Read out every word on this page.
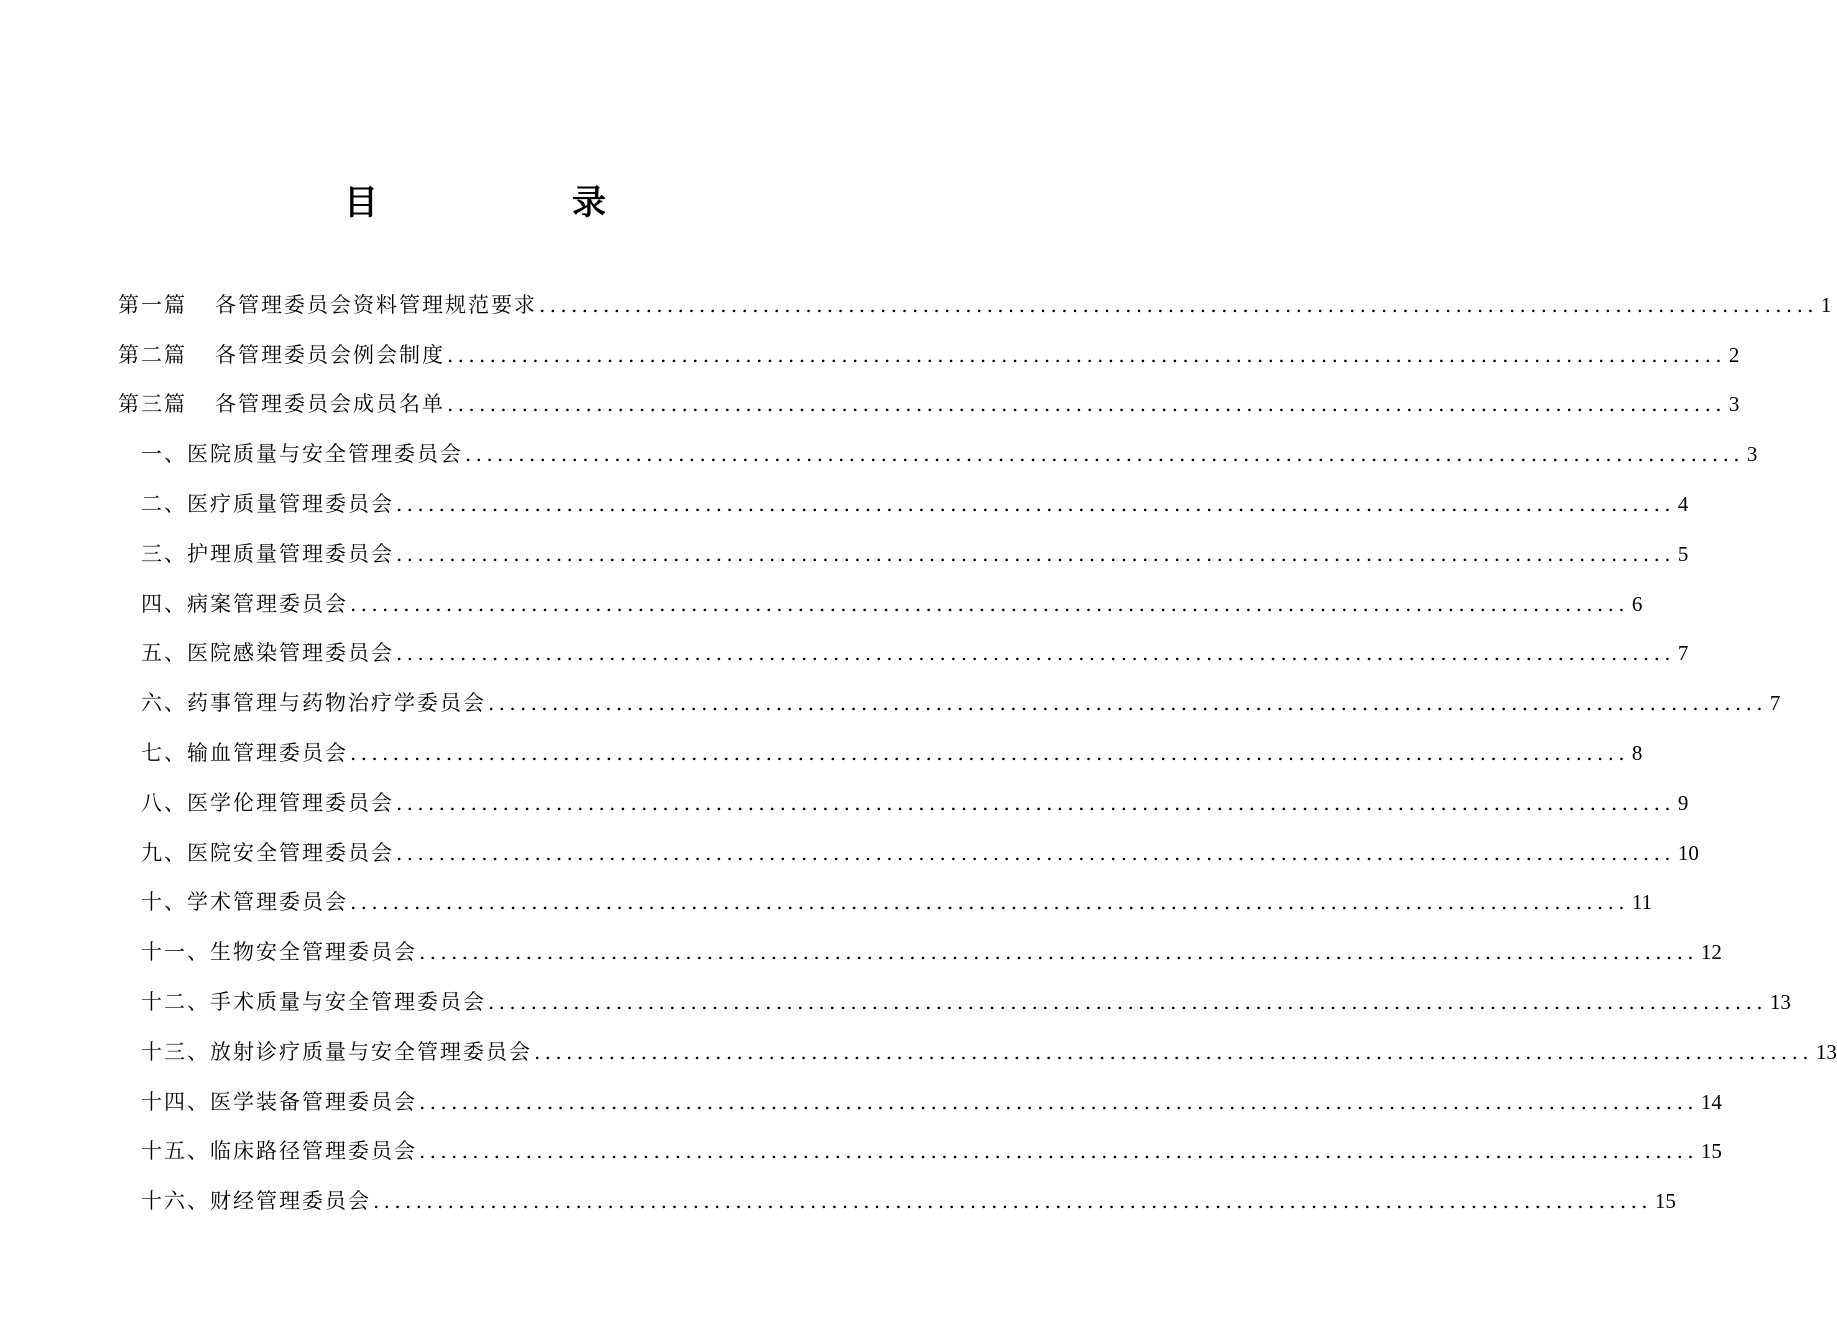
目　录
第一篇 各管理委员会资料管理规范要求 ........................................................................................................................ 1
第二篇 各管理委员会例会制度 ........................................................................................................................ 2
第三篇 各管理委员会成员名单 ........................................................................................................................ 3
一、医院质量与安全管理委员会 ........................................................................................................................ 3
二、医疗质量管理委员会 ........................................................................................................................ 4
三、护理质量管理委员会 ........................................................................................................................ 5
四、病案管理委员会 ........................................................................................................................ 6
五、医院感染管理委员会 ........................................................................................................................ 7
六、药事管理与药物治疗学委员会 ........................................................................................................................ 7
七、输血管理委员会 ........................................................................................................................ 8
八、医学伦理管理委员会 ........................................................................................................................ 9
九、医院安全管理委员会 ........................................................................................................................ 10
十、学术管理委员会 ........................................................................................................................ 11
十一、生物安全管理委员会 ........................................................................................................................ 12
十二、手术质量与安全管理委员会 ........................................................................................................................ 13
十三、放射诊疗质量与安全管理委员会 ........................................................................................................................ 13
十四、医学装备管理委员会 ........................................................................................................................ 14
十五、临床路径管理委员会 ........................................................................................................................ 15
十六、财经管理委员会 ........................................................................................................................ 15
